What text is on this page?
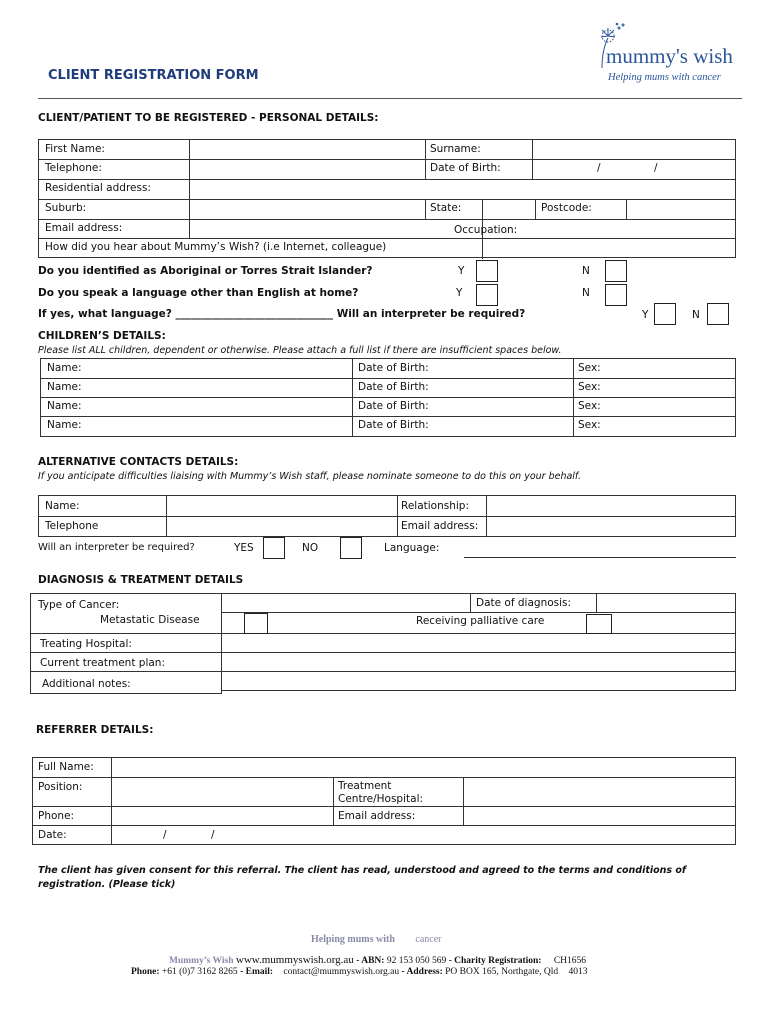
mummy's wish
Helping mums with cancer
CLIENT REGISTRATION FORM
CLIENT/PATIENT TO BE REGISTERED - PERSONAL DETAILS:
First Name:	Surname:
Telephone:	Date of Birth:	/	/
Residential address:
Suburb:	State:	Postcode:
Email address:	Occupation:
How did you hear about Mummy’s Wish? (i.e Internet, colleague)
Do you identified as Aboriginal or Torres Strait Islander?	Y	N
Do you speak a language other than English at home?	Y	N
If yes, what language? ______________________________ Will an interpreter be required?	Y	N
CHILDREN’S DETAILS:
Please list ALL children, dependent or otherwise. Please attach a full list if there are insufficient spaces below.
Name:	Date of Birth:	Sex:
Name:	Date of Birth:	Sex:
Name:	Date of Birth:	Sex:
Name:	Date of Birth:	Sex:
ALTERNATIVE CONTACTS DETAILS:
If you anticipate difficulties liaising with Mummy’s Wish staff, please nominate someone to do this on your behalf.
Name:	Relationship:
Telephone	Email address:
Will an interpreter be required?	YES	NO	Language:
DIAGNOSIS & TREATMENT DETAILS
Type of Cancer:	Date of diagnosis:
Metastatic Disease	Receiving palliative care
Treating Hospital:
Current treatment plan:
Additional notes:
REFERRER DETAILS:
Full Name:
Position:	Treatment Centre/Hospital:
Phone:	Email address:
Date:	/	/
The client has given consent for this referral. The client has read, understood and agreed to the terms and conditions of registration. (Please tick)
Helping mums with cancer
Mummy’s Wish www.mummyswish.org.au - ABN: 92 153 050 569 - Charity Registration: CH1656
Phone: +61 (0)7 3162 8265 - Email: contact@mummyswish.org.au - Address: PO BOX 165, Northgate, Qld 4013
